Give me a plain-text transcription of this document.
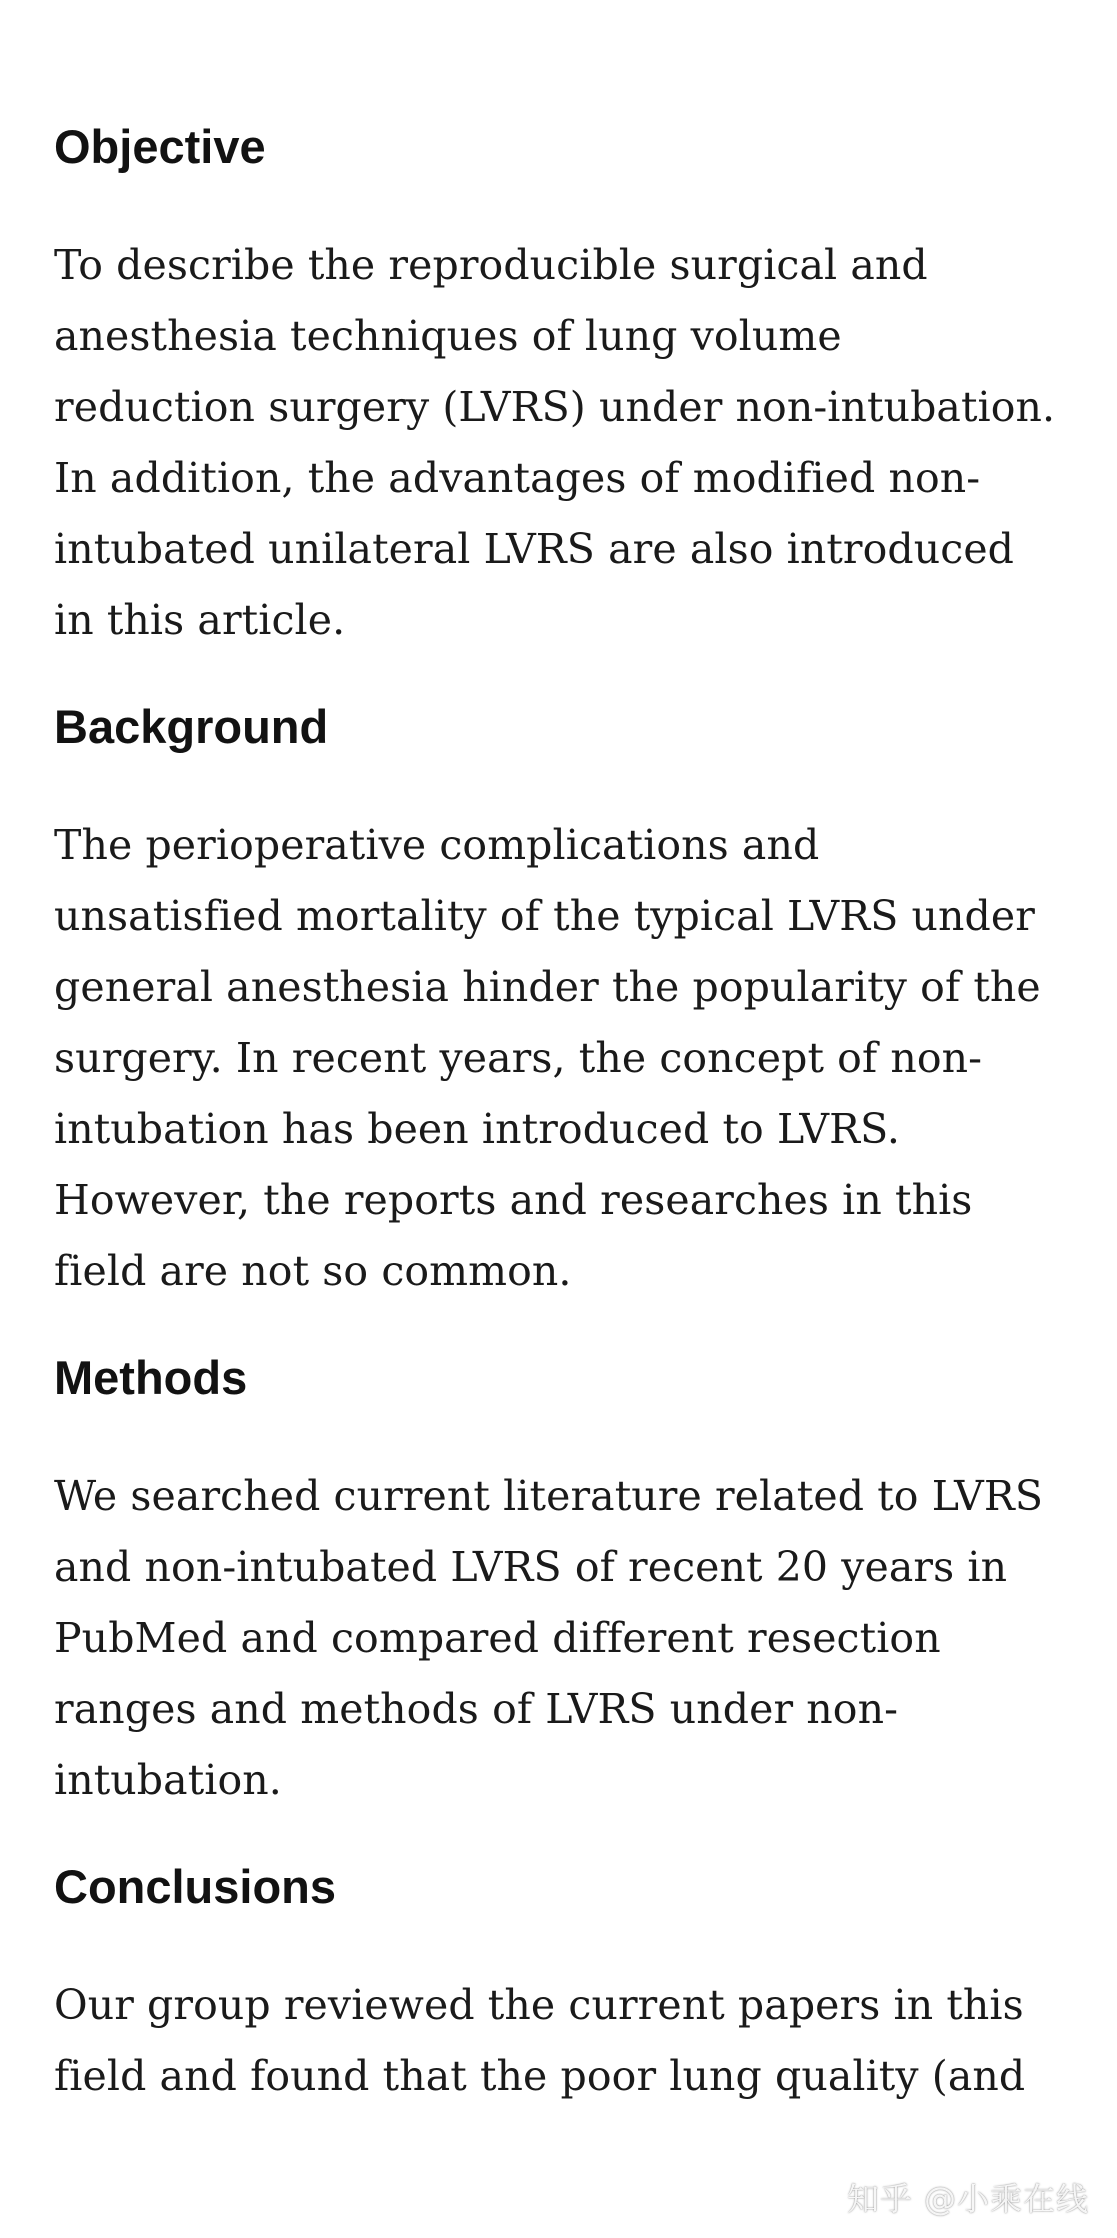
Objective
To describe the reproducible surgical and
anesthesia techniques of lung volume
reduction surgery (LVRS) under non-intubation.
In addition, the advantages of modified non-
intubated unilateral LVRS are also introduced
in this article.
Background
The perioperative complications and
unsatisfied mortality of the typical LVRS under
general anesthesia hinder the popularity of the
surgery. In recent years, the concept of non-
intubation has been introduced to LVRS.
However, the reports and researches in this
field are not so common.
Methods
We searched current literature related to LVRS
and non-intubated LVRS of recent 20 years in
PubMed and compared different resection
ranges and methods of LVRS under non-
intubation.
Conclusions
Our group reviewed the current papers in this
field and found that the poor lung quality (and
知乎 @小乘在线
